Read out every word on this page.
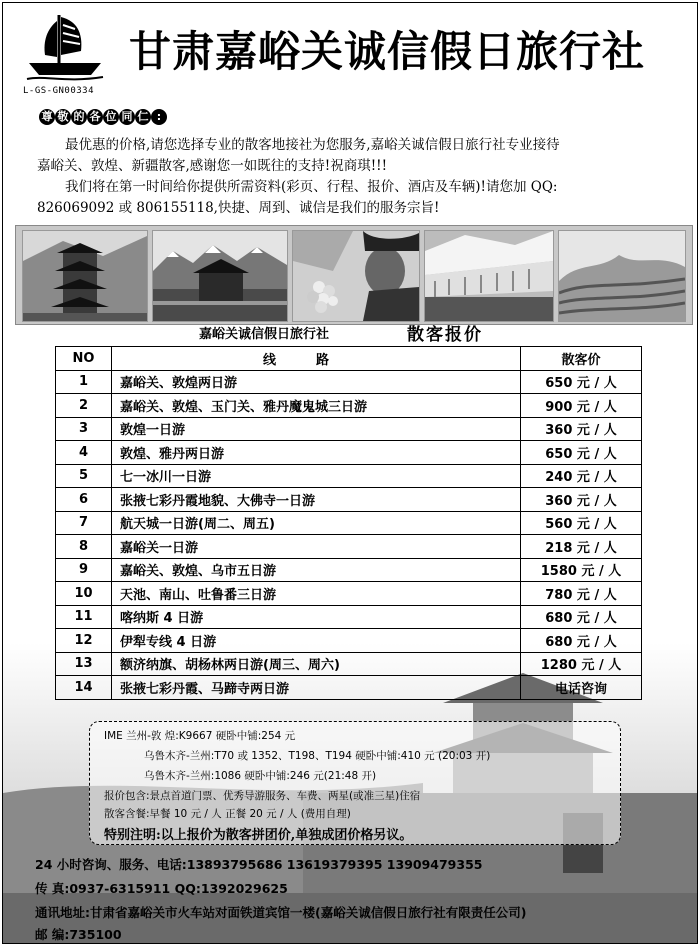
L-GS-GN00334
甘肃嘉峪关诚信假日旅行社
尊 敬 的 各 位 同 仁 :

最优惠的价格,请您选择专业的散客地接社为您服务,嘉峪关诚信假日旅行社专业接待

嘉峪关、敦煌、新疆散客,感谢您一如既往的支持!祝商琪!!!

我们将在第一时间给你提供所需资料(彩页、行程、报价、酒店及车辆)!请您加 QQ:

826069092 或 806155118,快捷、周到、诚信是我们的服务宗旨!

嘉峪关诚信假日旅行社	散客报价
NO	线路	散客价
1	嘉峪关、敦煌两日游	650 元 / 人
2	嘉峪关、敦煌、玉门关、雅丹魔鬼城三日游	900 元 / 人
3	敦煌一日游	360 元 / 人
4	敦煌、雅丹两日游	650 元 / 人
5	七一冰川一日游	240 元 / 人
6	张掖七彩丹霞地貌、大佛寺一日游	360 元 / 人
7	航天城一日游(周二、周五)	560 元 / 人
8	嘉峪关一日游	218 元 / 人
9	嘉峪关、敦煌、乌市五日游	1580 元 / 人
10	天池、南山、吐鲁番三日游	780 元 / 人
11	喀纳斯 4 日游	680 元 / 人
12	伊犁专线 4 日游	680 元 / 人
13	额济纳旗、胡杨林两日游(周三、周六)	1280 元 / 人
14	张掖七彩丹霞、马蹄寺两日游	电话咨询
IME 兰州-敦 煌:K9667 硬卧中铺:254 元
乌鲁木齐-兰州:T70 或 1352、T198、T194 硬卧中铺:410 元 (20:03 开)
乌鲁木齐-兰州:1086 硬卧中铺:246 元(21:48 开)
报价包含:景点首道门票、优秀导游服务、车费、两星(或准三星)住宿
散客含餐:早餐 10 元 / 人 正餐 20 元 / 人 (费用自理)
特别注明:以上报价为散客拼团价,单独成团价格另议。
24 小时咨询、服务、电话:13893795686 13619379395 13909479355
传 真:0937-6315911 QQ:1392029625
通讯地址:甘肃省嘉峪关市火车站对面铁道宾馆一楼(嘉峪关诚信假日旅行社有限责任公司)
邮 编:735100
